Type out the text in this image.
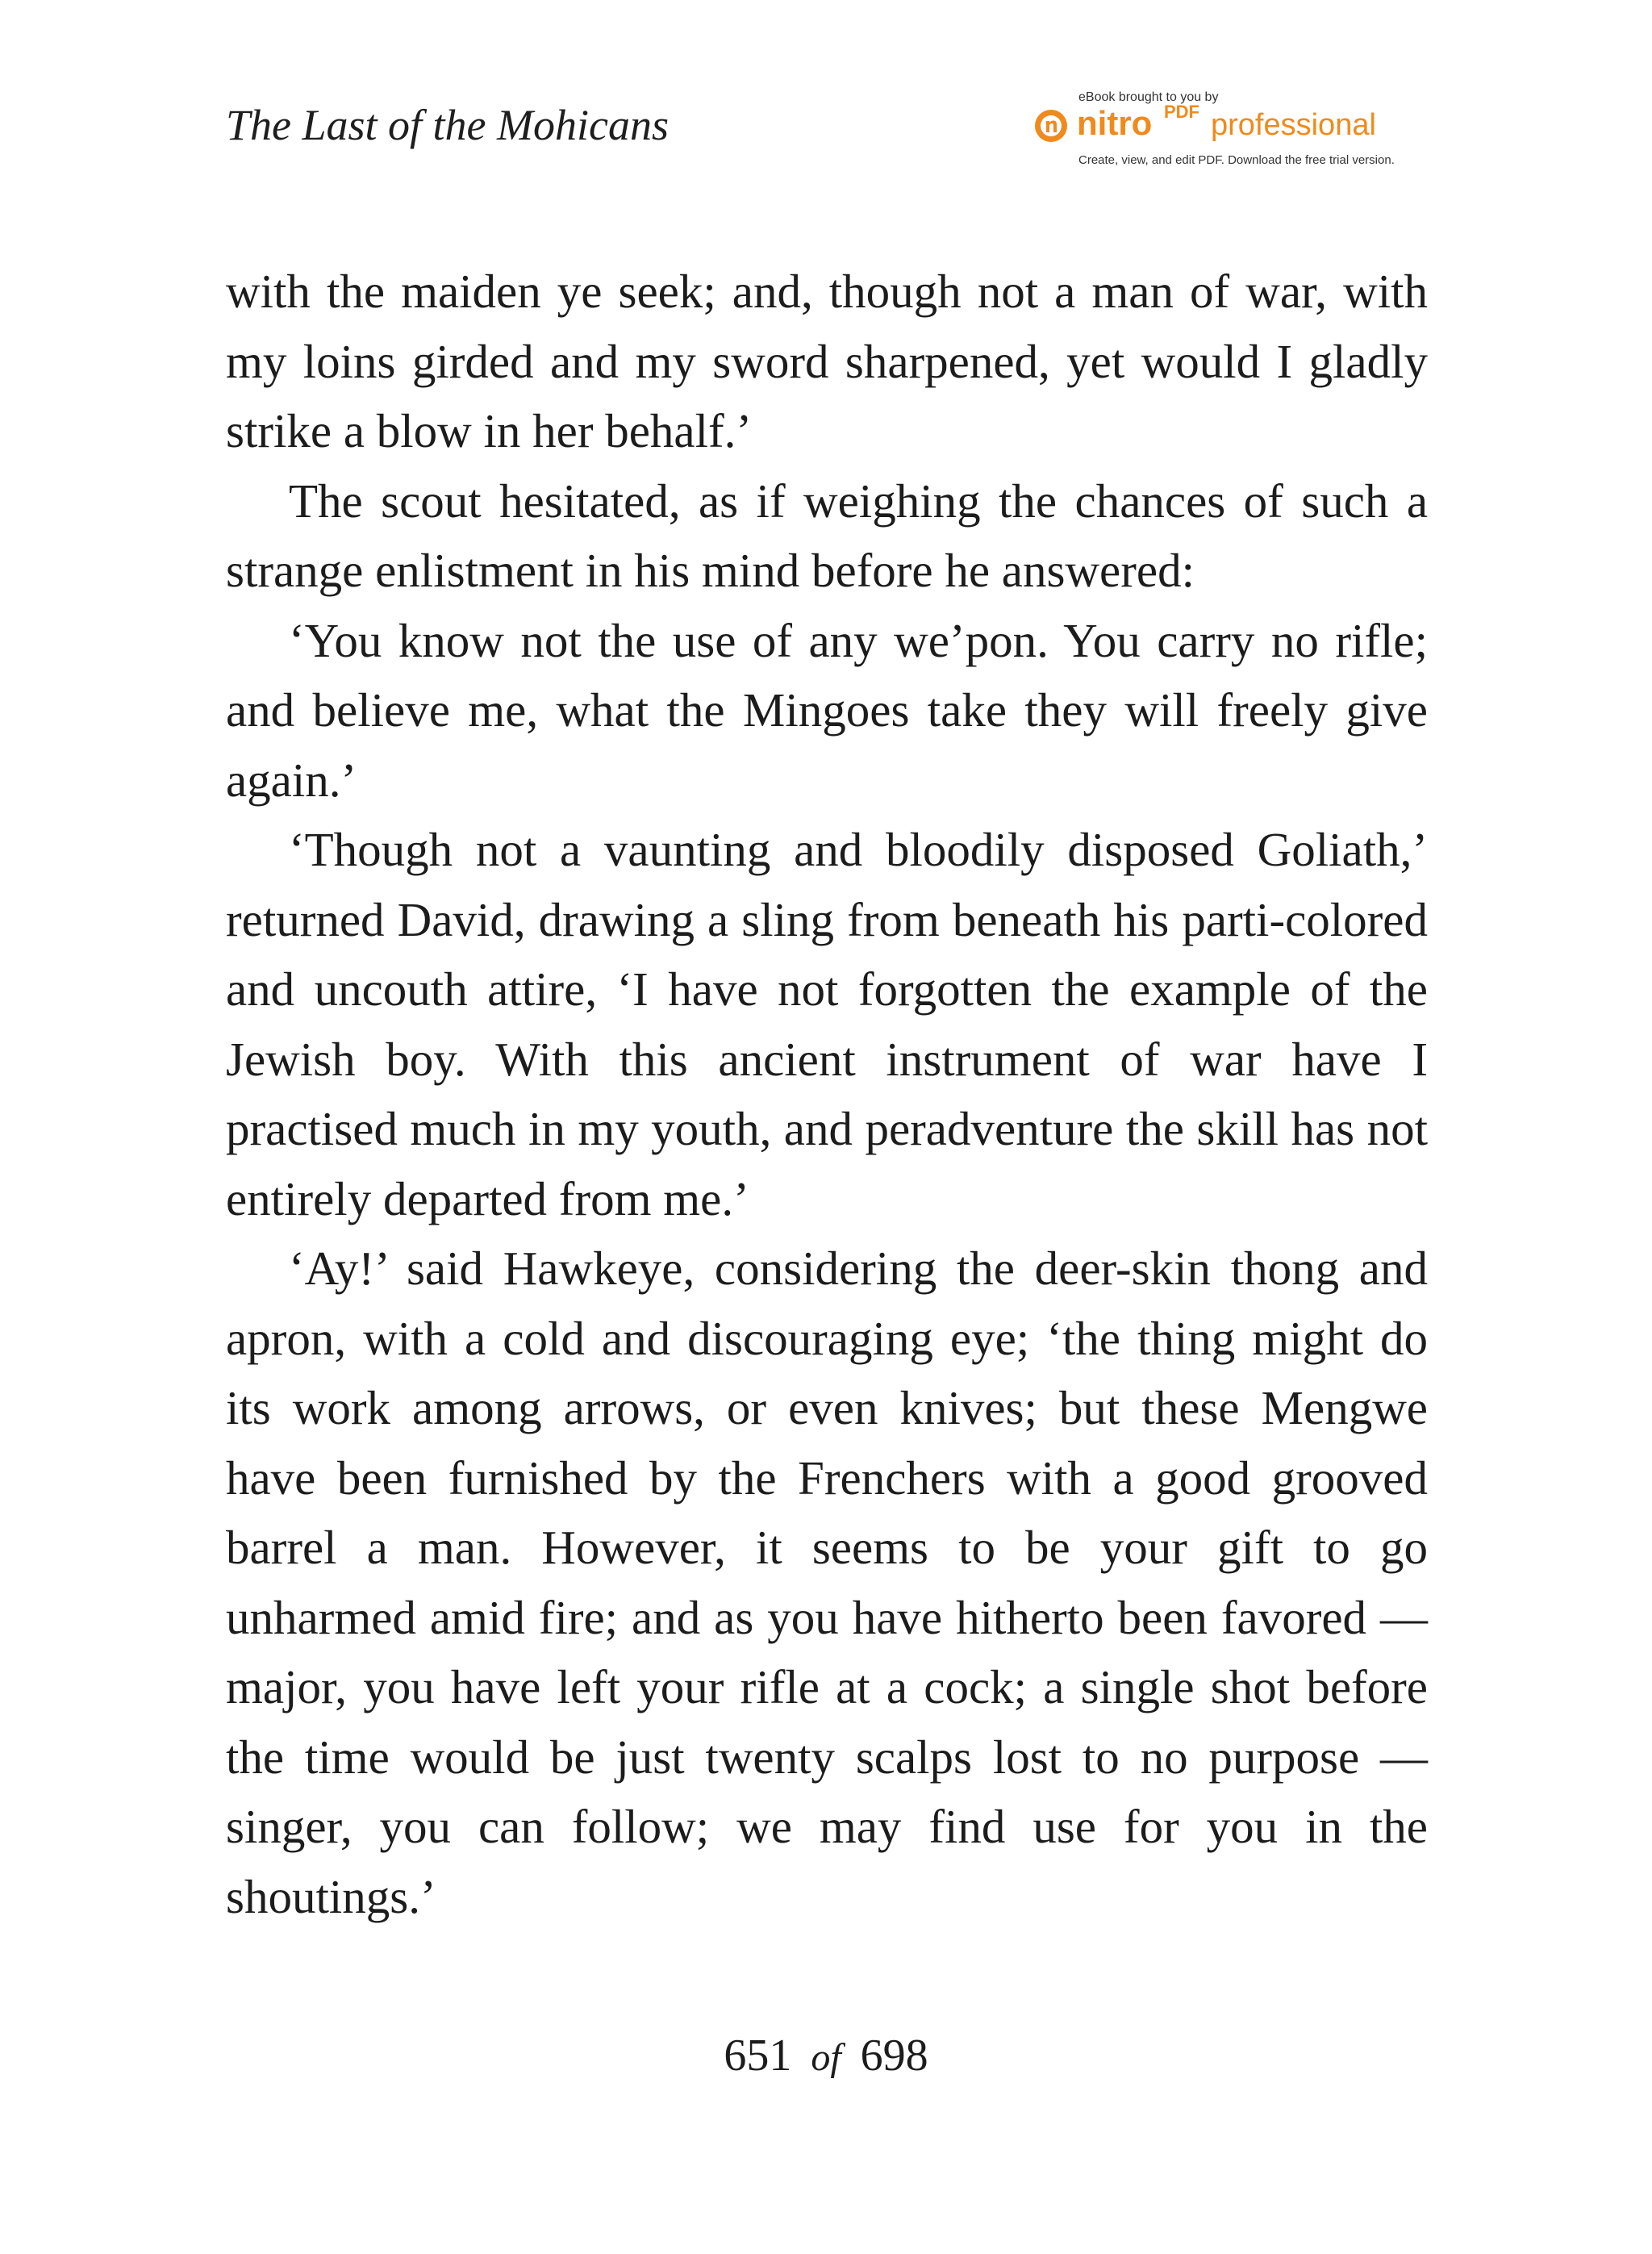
The Last of the Mohicans
eBook brought to you by
nitro PDF professional
Create, view, and edit PDF. Download the free trial version.

with the maiden ye seek; and, though not a man of war, with my loins girded and my sword sharpened, yet would I gladly strike a blow in her behalf.’

The scout hesitated, as if weighing the chances of such a strange enlistment in his mind before he answered:

‘You know not the use of any we’pon. You carry no rifle; and believe me, what the Mingoes take they will freely give again.’

‘Though not a vaunting and bloodily disposed Goliath,’ returned David, drawing a sling from beneath his parti-colored and uncouth attire, ‘I have not forgotten the example of the Jewish boy. With this ancient instrument of war have I practised much in my youth, and peradventure the skill has not entirely departed from me.’

‘Ay!’ said Hawkeye, considering the deer-skin thong and apron, with a cold and discouraging eye; ‘the thing might do its work among arrows, or even knives; but these Mengwe have been furnished by the Frenchers with a good grooved barrel a man. However, it seems to be your gift to go unharmed amid fire; and as you have hitherto been favored — major, you have left your rifle at a cock; a single shot before the time would be just twenty scalps lost to no purpose — singer, you can follow; we may find use for you in the shoutings.’

651 of 698
